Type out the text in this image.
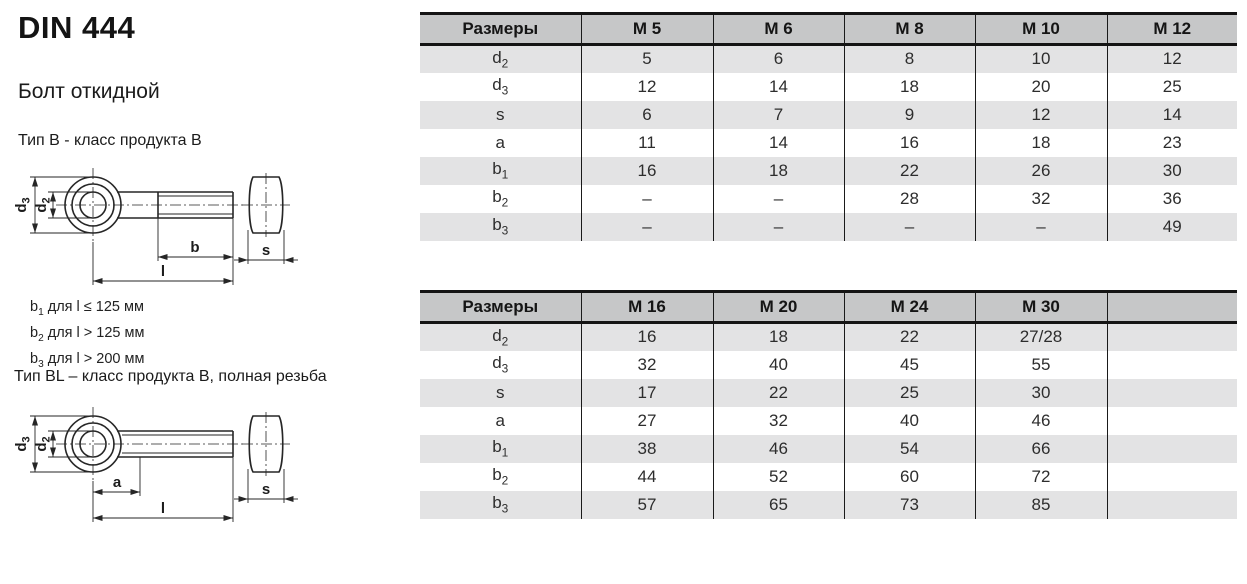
DIN 444
Болт откидной
Тип B - класс продукта B
$d_3$
$d_2$
b
l
s
$b_1$ для l ≤ 125 мм
$b_2$ для l > 125 мм
$b_3$ для l > 200 мм
Тип BL – класс продукта B, полная резьба
$d_3$
$d_2$
a
l
s
Размеры	M 5	M 6	M 8	M 10	M 12
$d_2$	5	6	8	10	12
$d_3$	12	14	18	20	25
s	6	7	9	12	14
a	11	14	16	18	23
$b_1$	16	18	22	26	30
$b_2$	–	–	28	32	36
$b_3$	–	–	–	–	49
Размеры	M 16	M 20	M 24	M 30	
$d_2$	16	18	22	27/28	
$d_3$	32	40	45	55	
s	17	22	25	30	
a	27	32	40	46	
$b_1$	38	46	54	66	
$b_2$	44	52	60	72	
$b_3$	57	65	73	85	
